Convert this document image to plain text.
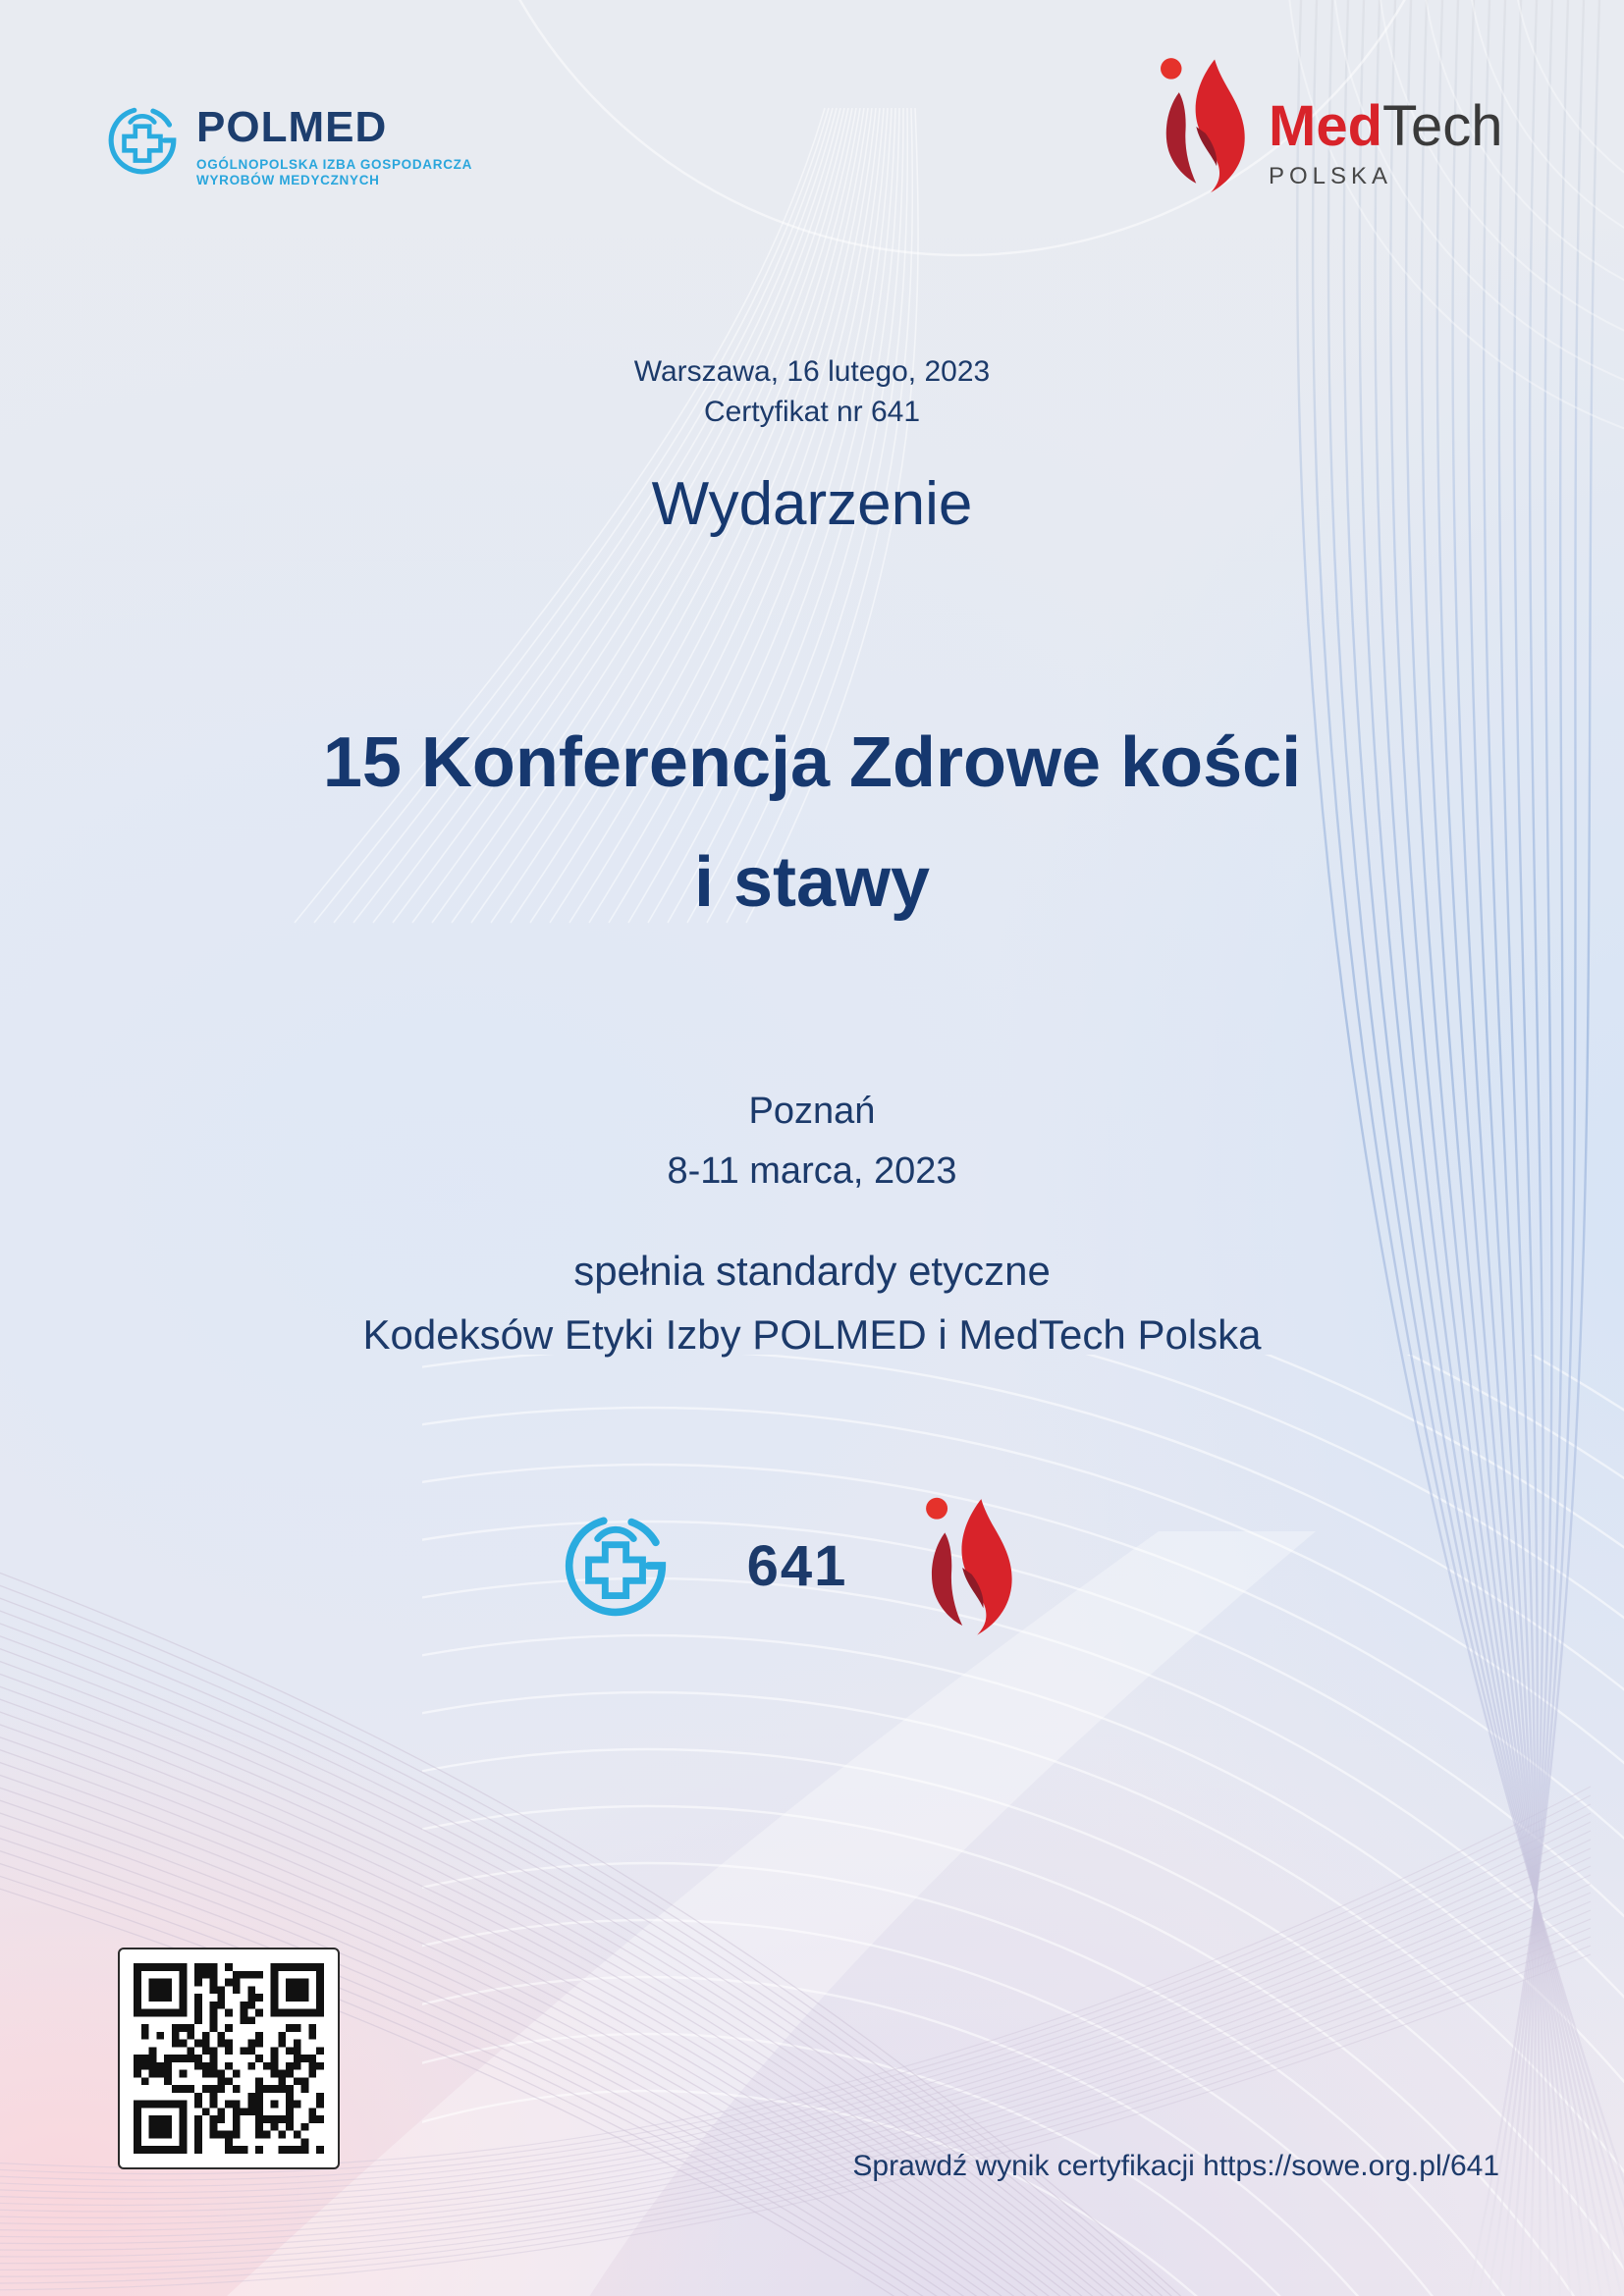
POLMED
OGÓLNOPOLSKA IZBA GOSPODARCZA
WYROBÓW MEDYCZNYCH
MedTech
POLSKA
Warszawa, 16 lutego, 2023
Certyfikat nr 641
Wydarzenie
15 Konferencja Zdrowe kości
i stawy
Poznań
8-11 marca, 2023
spełnia standardy etyczne
Kodeksów Etyki Izby POLMED i MedTech Polska
641
Sprawdź wynik certyfikacji https://sowe.org.pl/641
